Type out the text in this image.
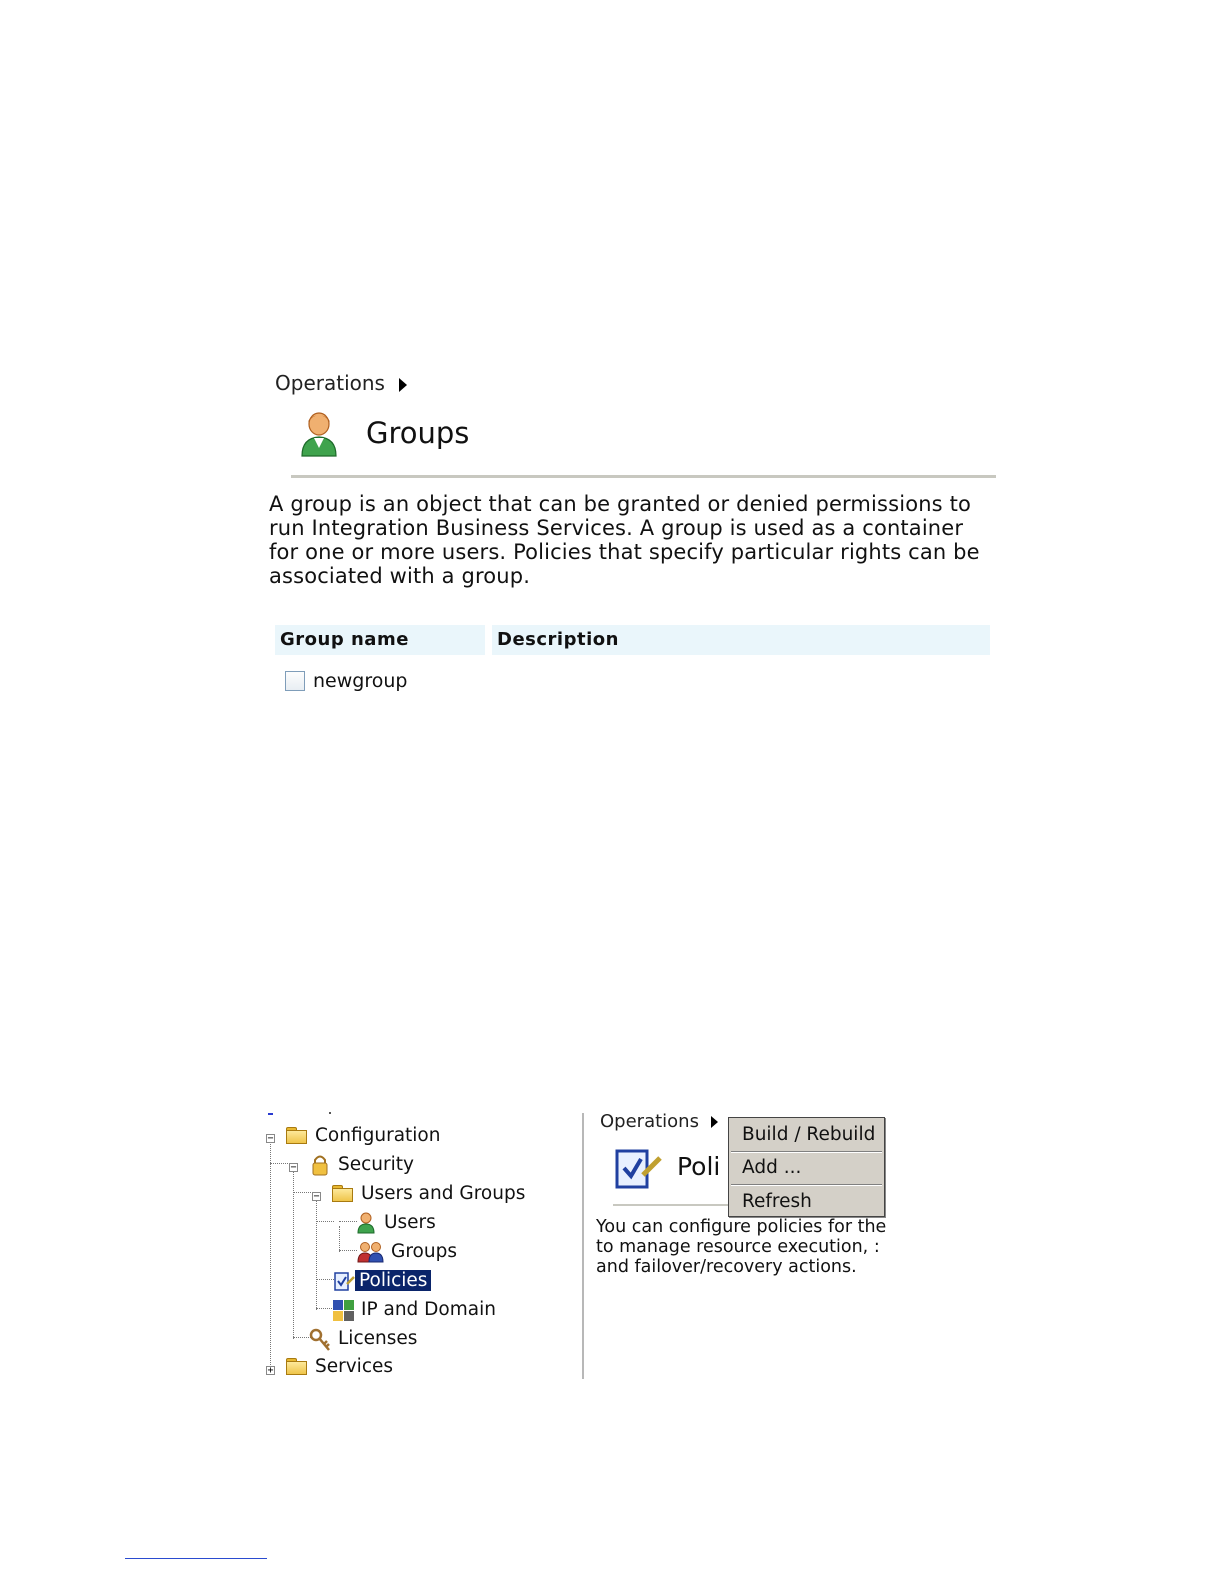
Operations
Groups
A group is an object that can be granted or denied permissions to
run Integration Business Services. A group is used as a container
for one or more users. Policies that specify particular rights can be
associated with a group.
Group name	Description
newgroup
− Configuration
− Security
− Users and Groups
Users
Groups
Policies
IP and Domain
Licenses
+ Services
Operations
Poli
You can configure policies for the
to manage resource execution, :
and failover/recovery actions.
Build / Rebuild
Add ...
Refresh
